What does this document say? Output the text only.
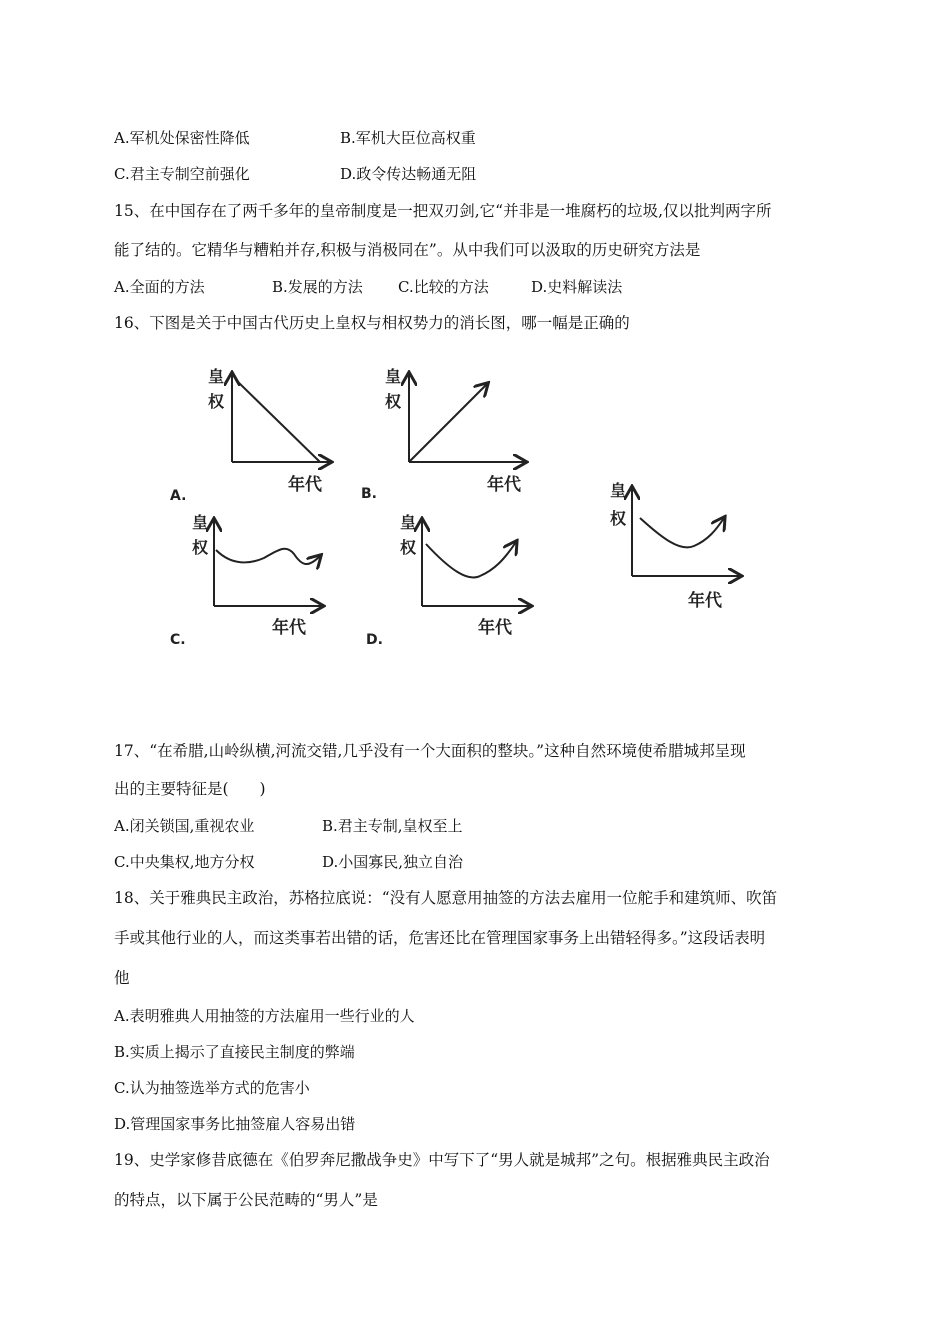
A.军机处保密性降低	B.军机大臣位高权重
C.君主专制空前强化	D.政令传达畅通无阻
15、在中国存在了两千多年的皇帝制度是一把双刃剑,它“并非是一堆腐朽的垃圾,仅以批判两字所
能了结的。它精华与糟粕并存,积极与消极同在”。从中我们可以汲取的历史研究方法是
A.全面的方法	B.发展的方法 C.比较的方法	D.史料解读法
16、下图是关于中国古代历史上皇权与相权势力的消长图，哪一幅是正确的
皇
权
年代
A.
皇
权
年代
B.
皇
权
年代
C.
皇
权
年代
D.
皇
权
年代
17、“在希腊,山岭纵横,河流交错,几乎没有一个大面积的整块。”这种自然环境使希腊城邦呈现
出的主要特征是(　　)
A.闭关锁国,重视农业	B.君主专制,皇权至上
C.中央集权,地方分权	D.小国寡民,独立自治
18、关于雅典民主政治，苏格拉底说：“没有人愿意用抽签的方法去雇用一位舵手和建筑师、吹笛
手或其他行业的人，而这类事若出错的话，危害还比在管理国家事务上出错轻得多。”这段话表明
他
A.表明雅典人用抽签的方法雇用一些行业的人
B.实质上揭示了直接民主制度的弊端
C.认为抽签选举方式的危害小
D.管理国家事务比抽签雇人容易出错
19、史学家修昔底德在《伯罗奔尼撒战争史》中写下了“男人就是城邦”之句。根据雅典民主政治
的特点，以下属于公民范畴的“男人”是
